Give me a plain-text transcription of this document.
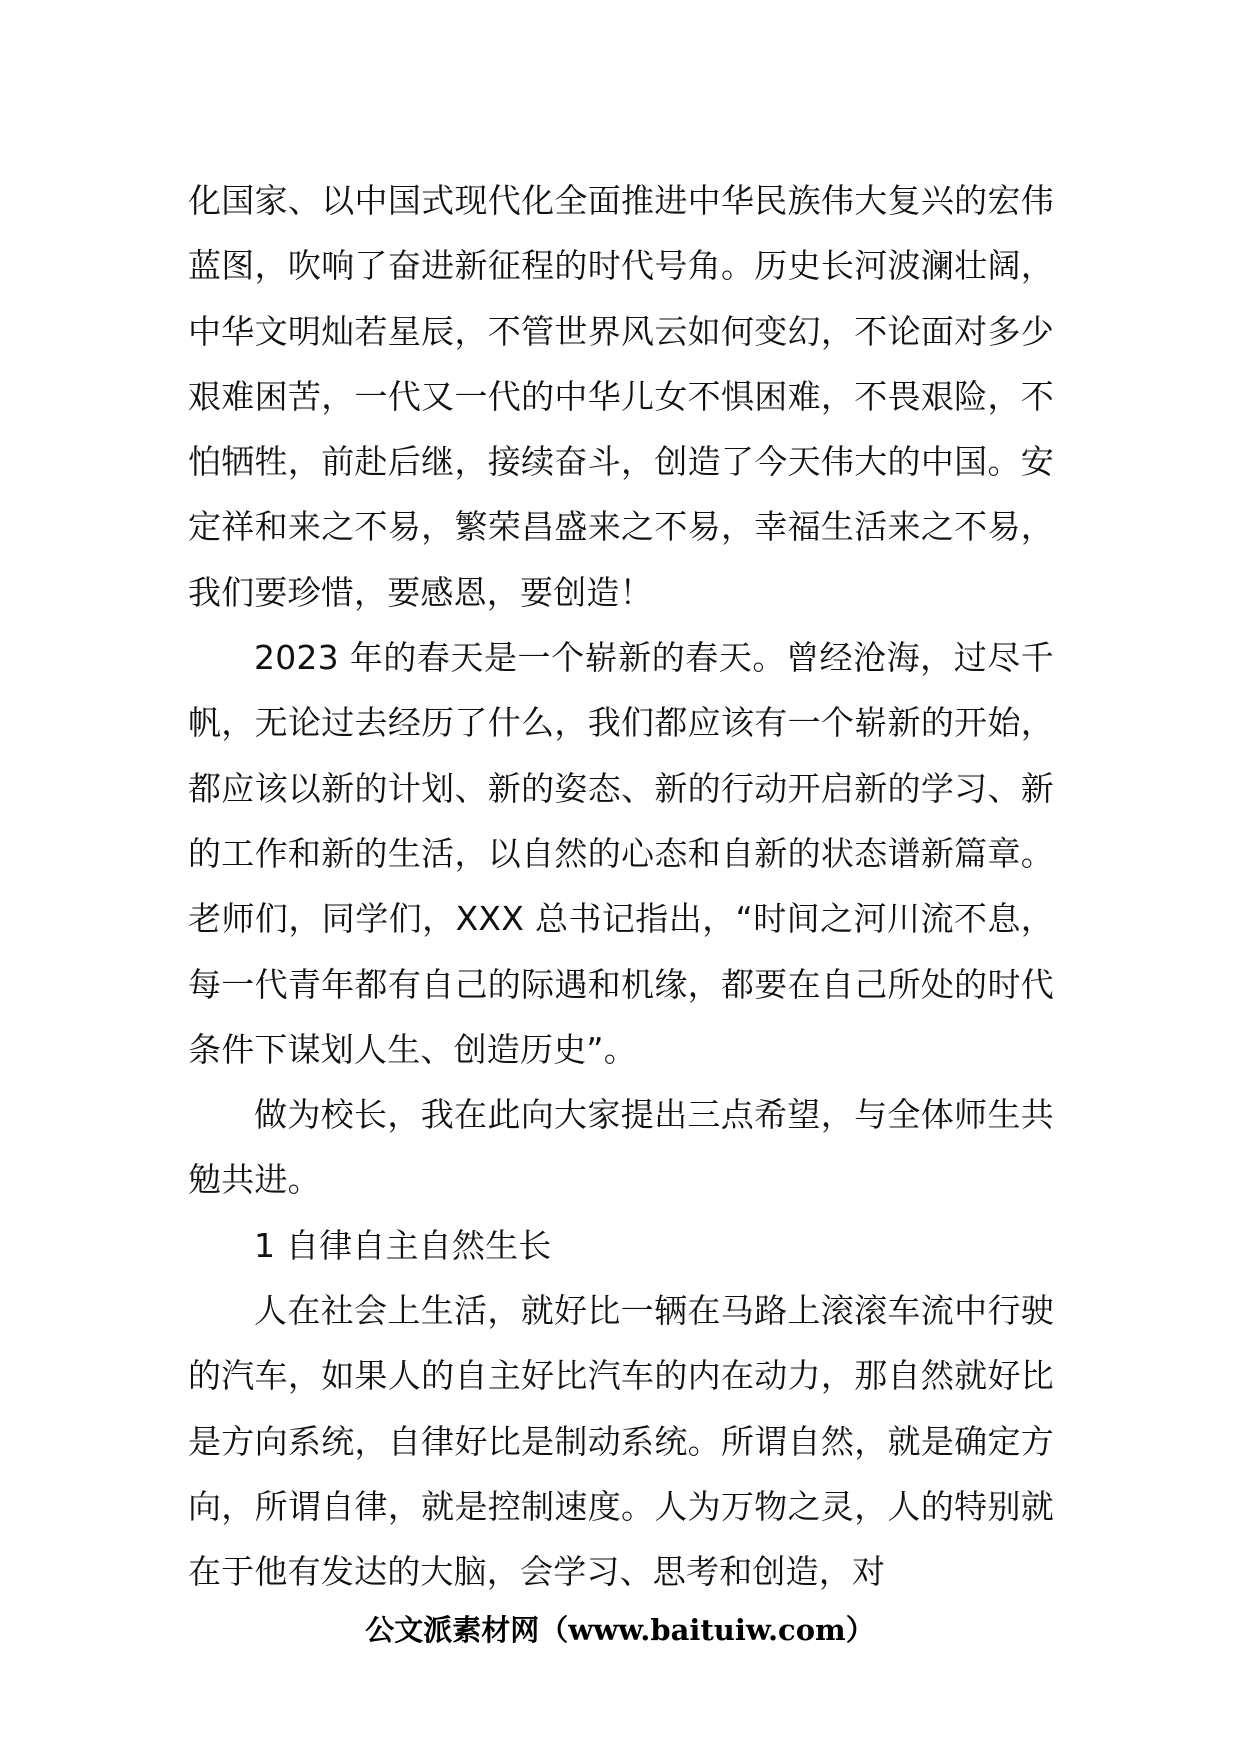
化国家、以中国式现代化全面推进中华民族伟大复兴的宏伟蓝图，吹响了奋进新征程的时代号角。历史长河波澜壮阔，中华文明灿若星辰，不管世界风云如何变幻，不论面对多少艰难困苦，一代又一代的中华儿女不惧困难，不畏艰险，不怕牺牲，前赴后继，接续奋斗，创造了今天伟大的中国。安定祥和来之不易，繁荣昌盛来之不易，幸福生活来之不易，我们要珍惜，要感恩，要创造！

2023 年的春天是一个崭新的春天。曾经沧海，过尽千帆，无论过去经历了什么，我们都应该有一个崭新的开始， 都应该以新的计划、新的姿态、新的行动开启新的学习、新的工作和新的生活，以自然的心态和自新的状态谱新篇章。老师们，同学们，XXX 总书记指出，“时间之河川流不息，每一代青年都有自己的际遇和机缘，都要在自己所处的时代条件下谋划人生、创造历史”。

做为校长，我在此向大家提出三点希望，与全体师生共勉共进。

1 自律自主自然生长

人在社会上生活，就好比一辆在马路上滚滚车流中行驶的汽车，如果人的自主好比汽车的内在动力，那自然就好比是方向系统，自律好比是制动系统。所谓自然，就是确定方向，所谓自律，就是控制速度。人为万物之灵，人的特别就在于他有发达的大脑，会学习、思考和创造，对

公文派素材网（www.baituiw.com）
